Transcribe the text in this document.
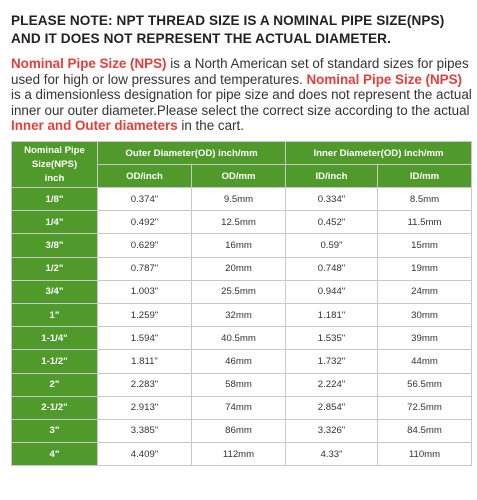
PLEASE NOTE: NPT THREAD SIZE IS A NOMINAL PIPE SIZE(NPS) AND IT DOES NOT REPRESENT THE ACTUAL DIAMETER.
Nominal Pipe Size (NPS) is a North American set of standard sizes for pipes used for high or low pressures and temperatures. Nominal Pipe Size (NPS) is a dimensionless designation for pipe size and does not represent the actual inner our outer diameter.Please select the correct size according to the actual Inner and Outer diameters in the cart.
Nominal Pipe Size(NPS) inch	Outer Diameter(OD) inch/mm		Inner Diameter(OD) inch/mm	
	OD/inch	OD/mm	ID/inch	ID/mm
1/8"	0.374"	9.5mm	0.334"	8.5mm
1/4"	0.492"	12.5mm	0.452"	11.5mm
3/8"	0.629"	16mm	0.59"	15mm
1/2"	0.787"	20mm	0.748"	19mm
3/4"	1.003"	25.5mm	0.944"	24mm
1"	1.259"	32mm	1.181"	30mm
1-1/4"	1.594"	40.5mm	1.535"	39mm
1-1/2"	1.811"	46mm	1.732"	44mm
2"	2.283"	58mm	2.224"	56.5mm
2-1/2"	2.913"	74mm	2.854"	72.5mm
3"	3.385"	86mm	3.326"	84.5mm
4"	4.409"	112mm	4.33"	110mm
